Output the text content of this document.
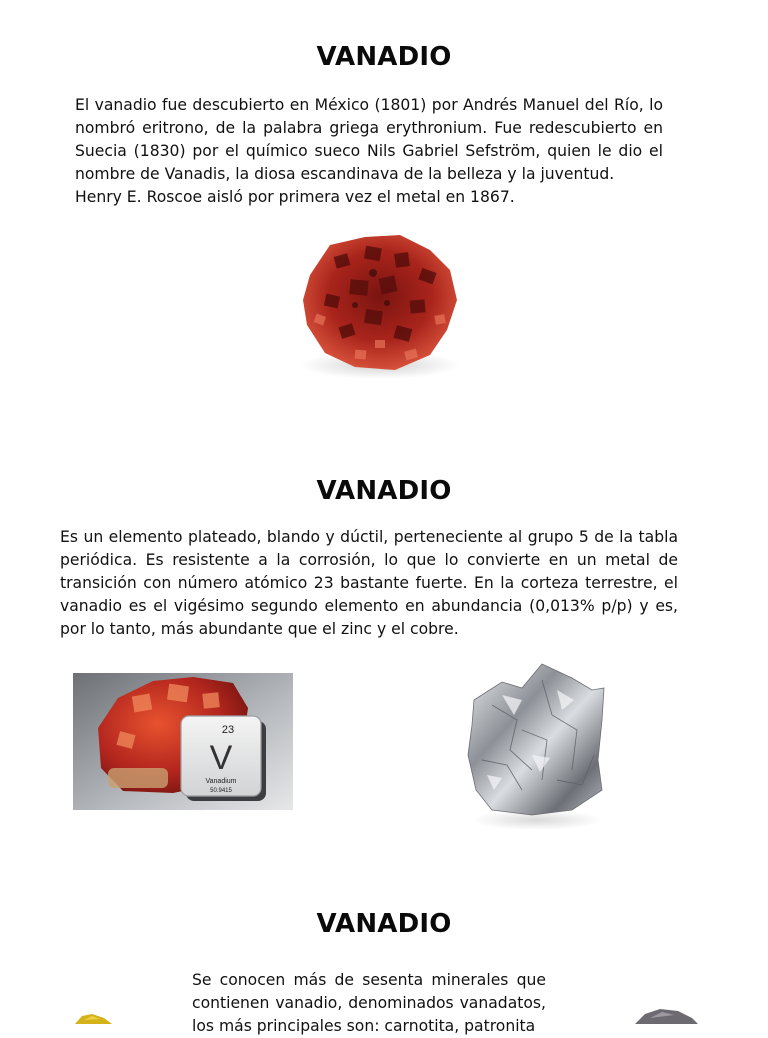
VANADIO
El vanadio fue descubierto en México (1801) por Andrés Manuel del Río, lo nombró eritrono, de la palabra griega erythronium. Fue redescubierto en Suecia (1830) por el químico sueco Nils Gabriel Sefström, quien le dio el nombre de Vanadis, la diosa escandinava de la belleza y la juventud.
Henry E. Roscoe aisló por primera vez el metal en 1867.
VANADIO
Es un elemento plateado, blando y dúctil, perteneciente al grupo 5 de la tabla periódica. Es resistente a la corrosión, lo que lo convierte en un metal de transición con número atómico 23 bastante fuerte. En la corteza terrestre, el vanadio es el vigésimo segundo elemento en abundancia (0,013% p/p) y es, por lo tanto, más abundante que el zinc y el cobre.
23
V
Vanadium
50.9415
VANADIO
Se conocen más de sesenta minerales que contienen vanadio, denominados vanadatos, los más principales son: carnotita, patronita
